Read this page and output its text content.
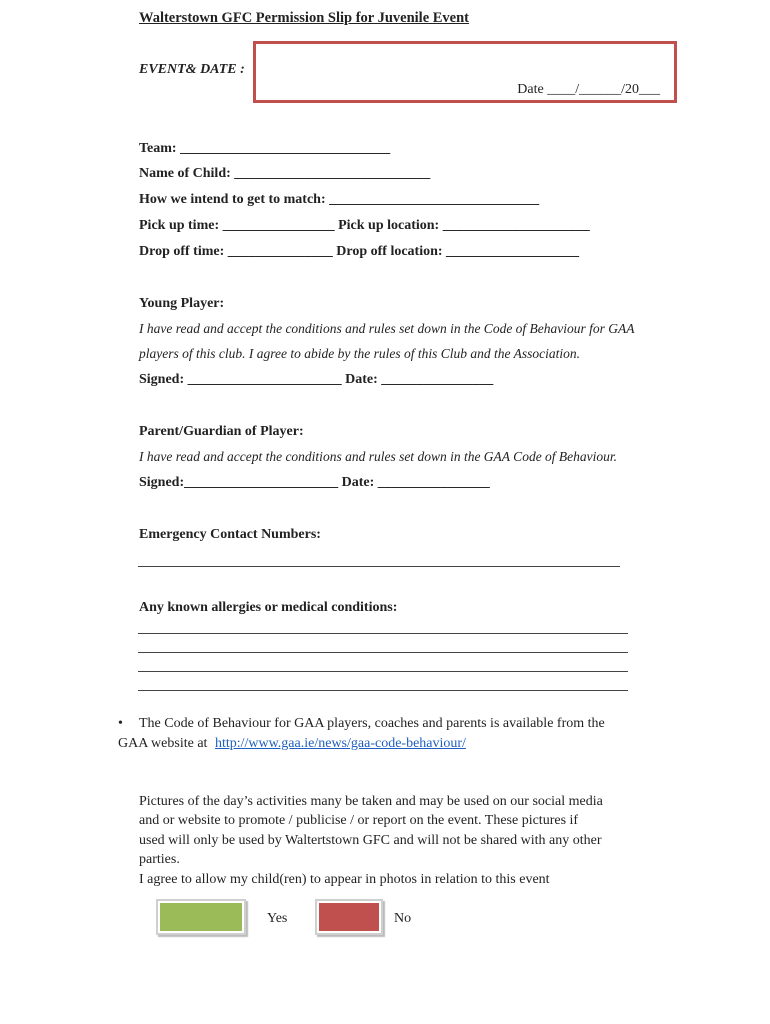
Walterstown GFC Permission Slip for Juvenile Event
EVENT& DATE :
Date ____/______/20___
Team: ______________________________
Name of Child: ____________________________
How we intend to get to match: ______________________________
Pick up time: ________________ Pick up location: _____________________
Drop off time: _______________ Drop off location: ___________________
Young Player:
I have read and accept the conditions and rules set down in the Code of Behaviour for GAA
players of this club. I agree to abide by the rules of this Club and the Association.
Signed: ______________________ Date: ________________
Parent/Guardian of Player:
I have read and accept the conditions and rules set down in the GAA Code of Behaviour.
Signed:______________________ Date: ________________
Emergency Contact Numbers:
Any known allergies or medical conditions:
• The Code of Behaviour for GAA players, coaches and parents is available from the
GAA website at http://www.gaa.ie/news/gaa-code-behaviour/
Pictures of the day’s activities many be taken and may be used on our social media
and or website to promote / publicise / or report on the event. These pictures if
used will only be used by Waltertstown GFC and will not be shared with any other
parties.
I agree to allow my child(ren) to appear in photos in relation to this event
Yes	No
